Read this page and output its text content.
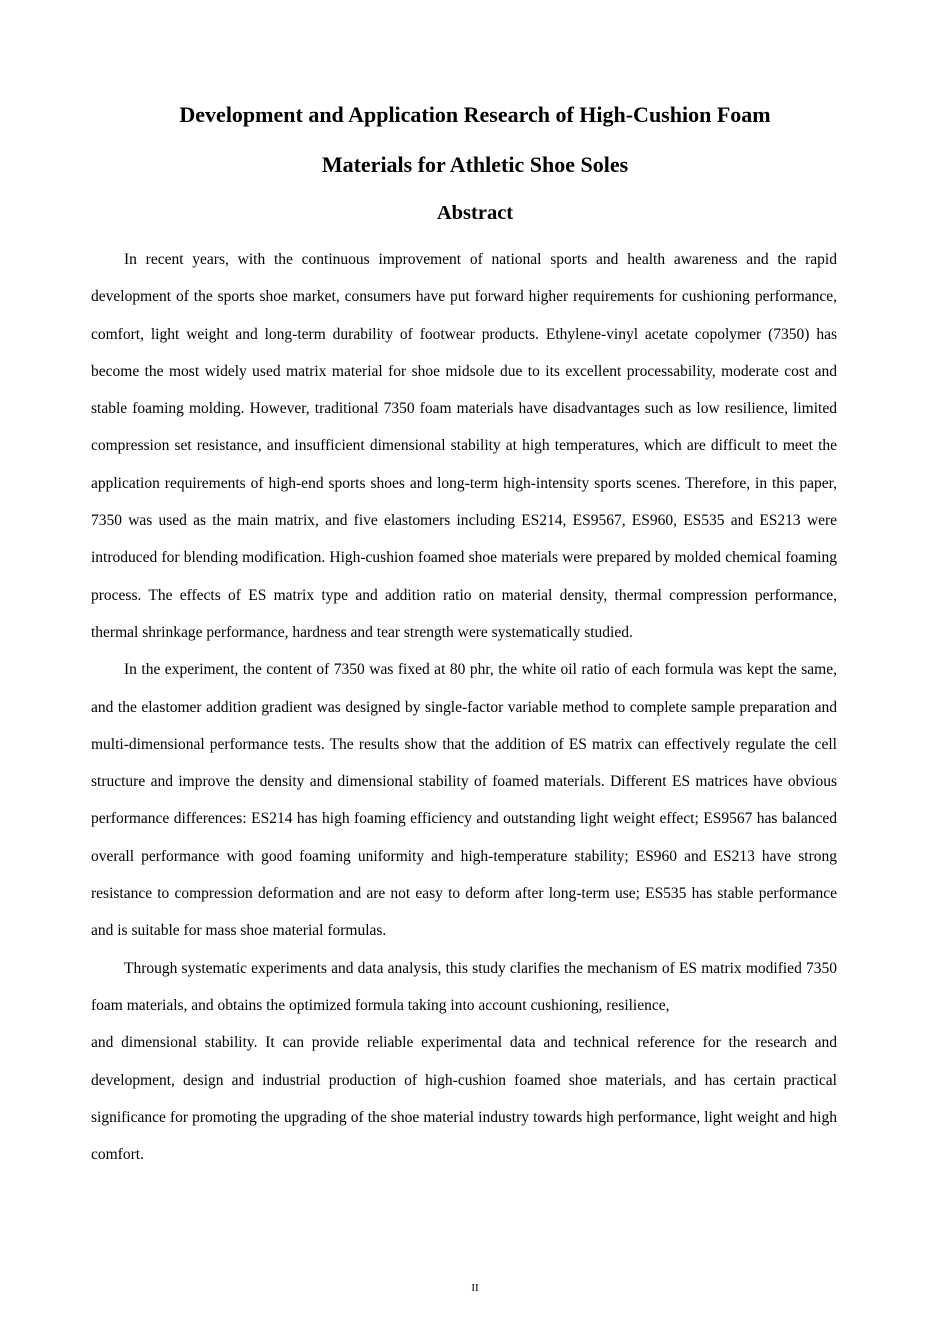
Development and Application Research of High-Cushion Foam
Materials for Athletic Shoe Soles
Abstract

In recent years, with the continuous improvement of national sports and health awareness and the rapid development of the sports shoe market, consumers have put forward higher requirements for cushioning performance, comfort, light weight and long-term durability of footwear products. Ethylene-vinyl acetate copolymer (7350) has become the most widely used matrix material for shoe midsole due to its excellent processability, moderate cost and stable foaming molding. However, traditional 7350 foam materials have disadvantages such as low resilience, limited compression set resistance, and insufficient dimensional stability at high temperatures, which are difficult to meet the application requirements of high-end sports shoes and long-term high-intensity sports scenes. Therefore, in this paper, 7350 was used as the main matrix, and five elastomers including ES214, ES9567, ES960, ES535 and ES213 were introduced for blending modification. High-cushion foamed shoe materials were prepared by molded chemical foaming process. The effects of ES matrix type and addition ratio on material density, thermal compression performance, thermal shrinkage performance, hardness and tear strength were systematically studied.

In the experiment, the content of 7350 was fixed at 80 phr, the white oil ratio of each formula was kept the same, and the elastomer addition gradient was designed by single-factor variable method to complete sample preparation and multi-dimensional performance tests. The results show that the addition of ES matrix can effectively regulate the cell structure and improve the density and dimensional stability of foamed materials. Different ES matrices have obvious performance differences: ES214 has high foaming efficiency and outstanding light weight effect; ES9567 has balanced overall performance with good foaming uniformity and high-temperature stability; ES960 and ES213 have strong resistance to compression deformation and are not easy to deform after long-term use; ES535 has stable performance and is suitable for mass shoe material formulas.

Through systematic experiments and data analysis, this study clarifies the mechanism of ES matrix modified 7350 foam materials, and obtains the optimized formula taking into account cushioning, resilience,
and dimensional stability. It can provide reliable experimental data and technical reference for the research and development, design and industrial production of high-cushion foamed shoe materials, and has certain practical significance for promoting the upgrading of the shoe material industry towards high performance, light weight and high comfort.

II
